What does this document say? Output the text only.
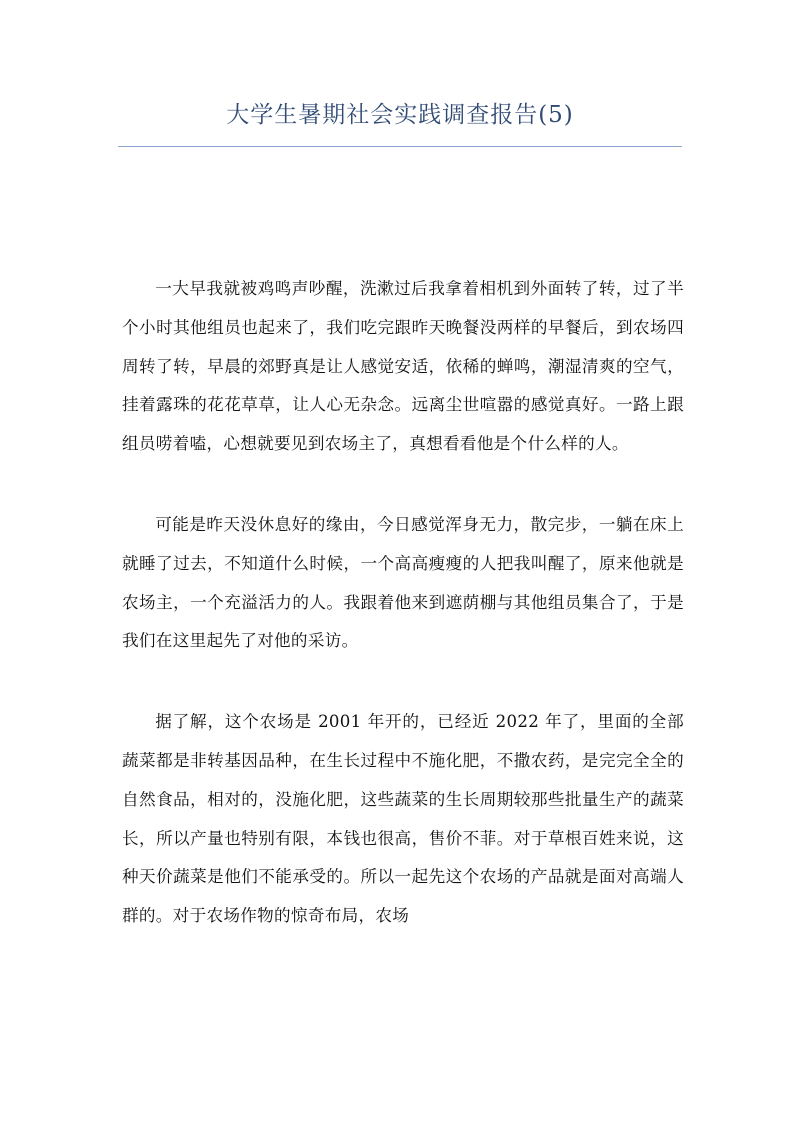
大学生暑期社会实践调查报告(5)

一大早我就被鸡鸣声吵醒，洗漱过后我拿着相机到外面转了转，过了半个小时其他组员也起来了，我们吃完跟昨天晚餐没两样的早餐后，到农场四周转了转，早晨的郊野真是让人感觉安适，依稀的蝉鸣，潮湿清爽的空气，挂着露珠的花花草草，让人心无杂念。远离尘世喧嚣的感觉真好。一路上跟组员唠着嗑，心想就要见到农场主了，真想看看他是个什么样的人。

可能是昨天没休息好的缘由，今日感觉浑身无力，散完步，一躺在床上就睡了过去，不知道什么时候，一个高高瘦瘦的人把我叫醒了，原来他就是农场主，一个充溢活力的人。我跟着他来到遮荫棚与其他组员集合了，于是我们在这里起先了对他的采访。

据了解，这个农场是 2001 年开的，已经近 2022 年了，里面的全部蔬菜都是非转基因品种，在生长过程中不施化肥，不撒农药，是完完全全的自然食品，相对的，没施化肥，这些蔬菜的生长周期较那些批量生产的蔬菜长，所以产量也特别有限，本钱也很高，售价不菲。对于草根百姓来说，这种天价蔬菜是他们不能承受的。所以一起先这个农场的产品就是面对高端人群的。对于农场作物的惊奇布局，农场
